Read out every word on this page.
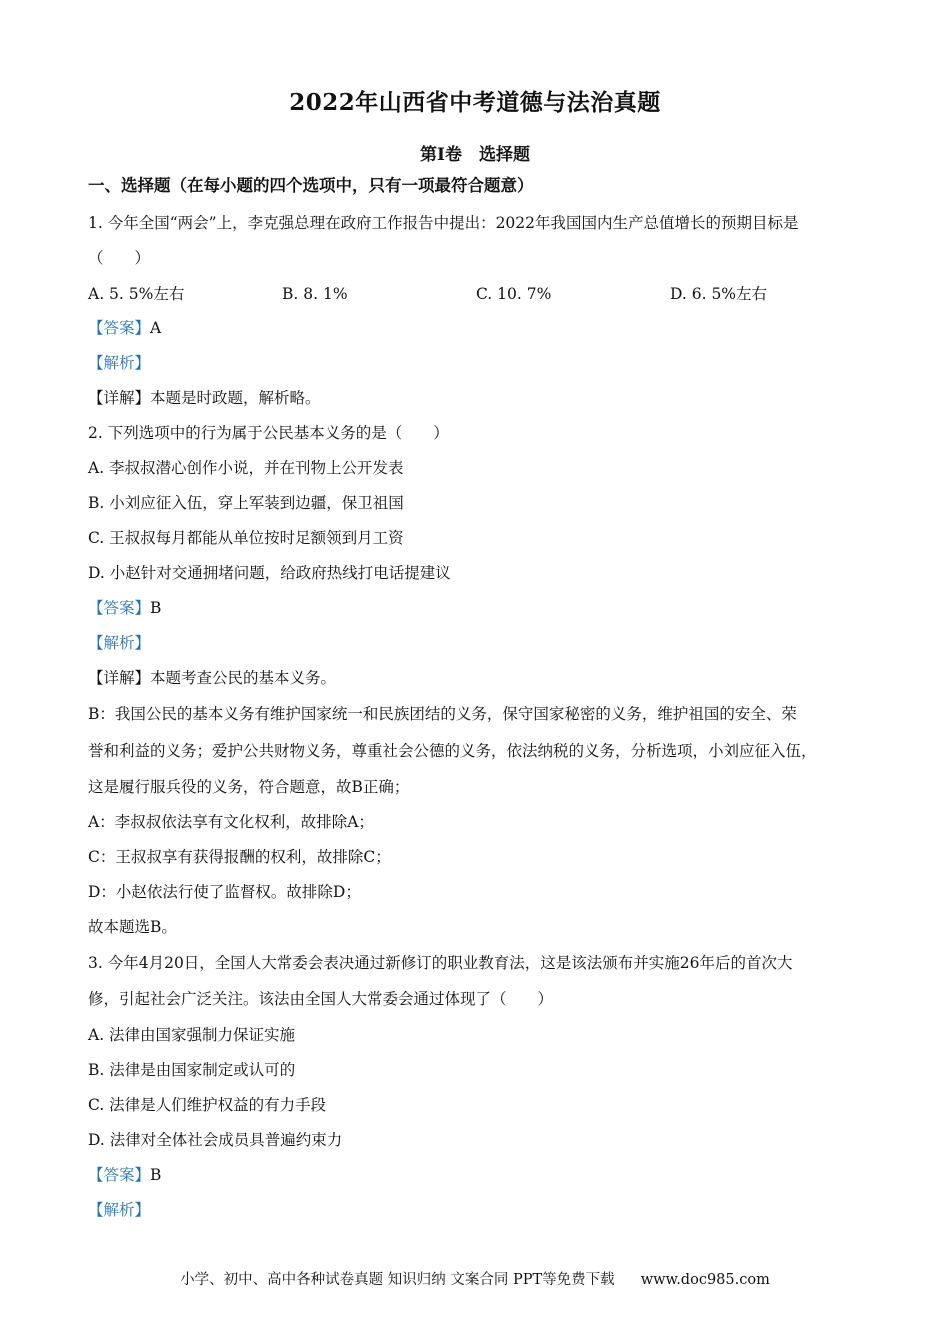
2022年山西省中考道德与法治真题
第Ⅰ卷　选择题
一、选择题（在每小题的四个选项中，只有一项最符合题意）
1. 今年全国“两会”上，李克强总理在政府工作报告中提出：2022年我国国内生产总值增长的预期目标是
（　　）
A. 5. 5%左右	B. 8. 1%	C. 10. 7%	D. 6. 5%左右
【答案】A
【解析】
【详解】本题是时政题，解析略。
2. 下列选项中的行为属于公民基本义务的是（　　）
A. 李叔叔潜心创作小说，并在刊物上公开发表
B. 小刘应征入伍，穿上军装到边疆，保卫祖国
C. 王叔叔每月都能从单位按时足额领到月工资
D. 小赵针对交通拥堵问题，给政府热线打电话提建议
【答案】B
【解析】
【详解】本题考查公民的基本义务。
B：我国公民的基本义务有维护国家统一和民族团结的义务，保守国家秘密的义务，维护祖国的安全、荣
誉和利益的义务；爱护公共财物义务，尊重社会公德的义务，依法纳税的义务，分析选项，小刘应征入伍，
这是履行服兵役的义务，符合题意，故B正确；
A：李叔叔依法享有文化权利，故排除A；
C：王叔叔享有获得报酬的权利，故排除C；
D：小赵依法行使了监督权。故排除D；
故本题选B。
3. 今年4月20日，全国人大常委会表决通过新修订的职业教育法，这是该法颁布并实施26年后的首次大
修，引起社会广泛关注。该法由全国人大常委会通过体现了（　　）
A. 法律由国家强制力保证实施
B. 法律是由国家制定或认可的
C. 法律是人们维护权益的有力手段
D. 法律对全体社会成员具普遍约束力
【答案】B
【解析】
小学、初中、高中各种试卷真题 知识归纳 文案合同 PPT等免费下载 www.doc985.com
